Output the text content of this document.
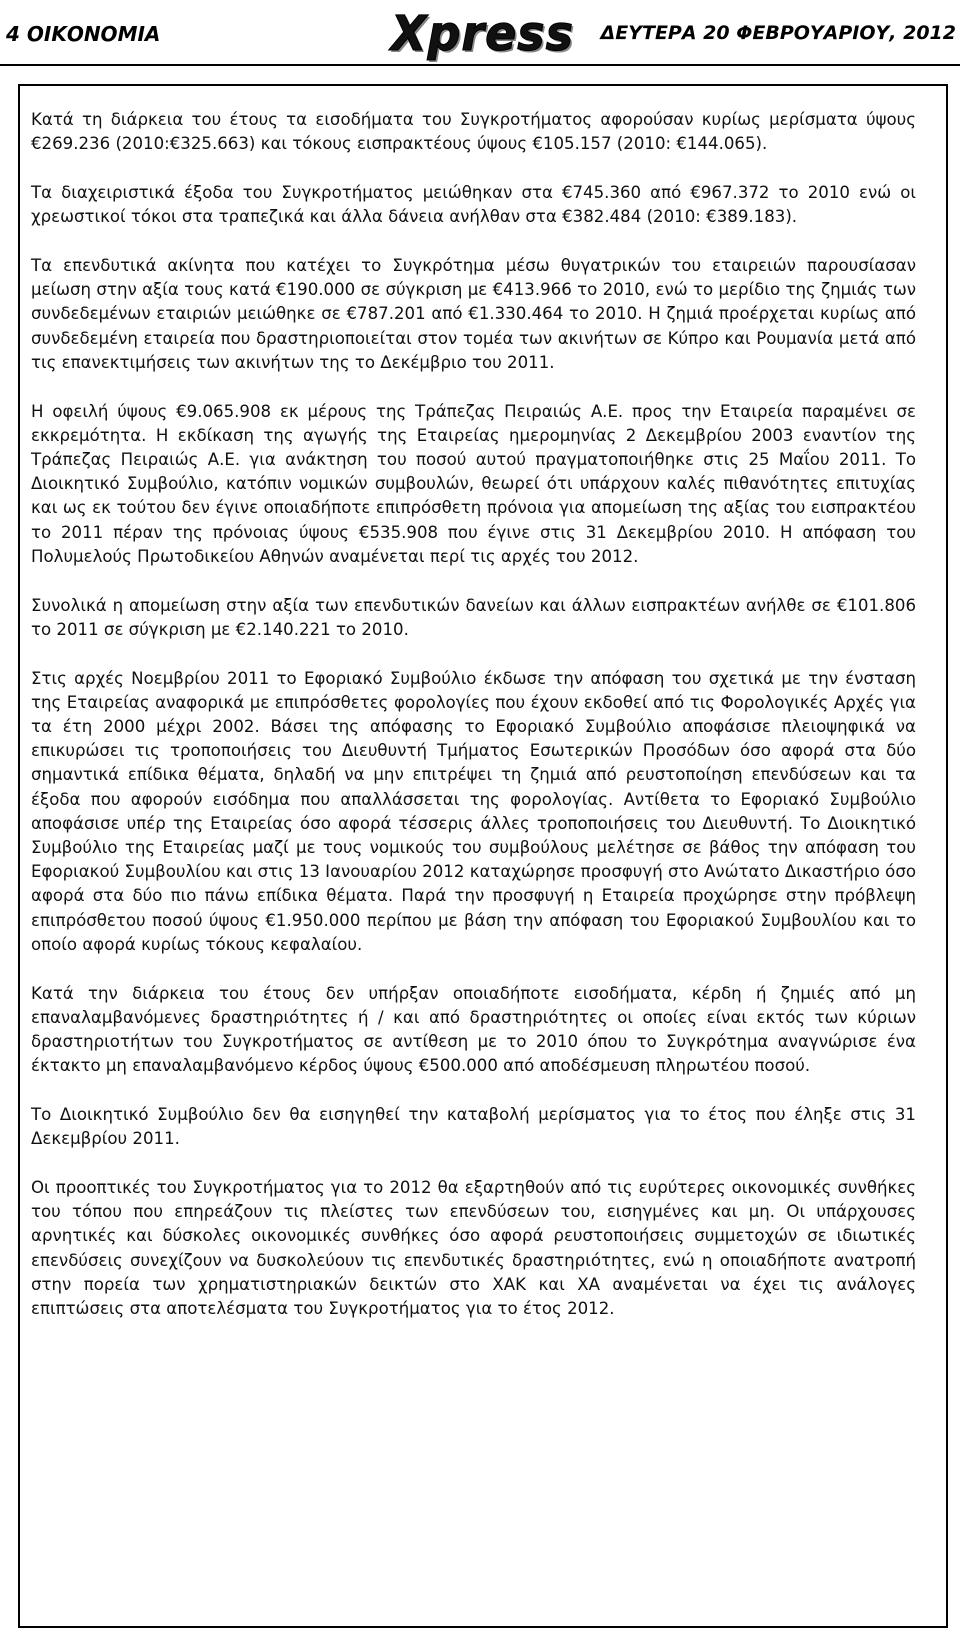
4 ΟΙΚΟΝΟΜΙΑ	Xpress ΔΕΥΤΕΡΑ 20 ΦΕΒΡΟΥΑΡΙΟΥ, 2012

Κατά τη διάρκεια του έτους τα εισοδήματα του Συγκροτήματος αφορούσαν κυρίως μερίσματα ύψους €269.236 (2010:€325.663) και τόκους εισπρακτέους ύψους €105.157 (2010: €144.065).

Τα διαχειριστικά έξοδα του Συγκροτήματος μειώθηκαν στα €745.360 από €967.372 το 2010 ενώ οι χρεωστικοί τόκοι στα τραπεζικά και άλλα δάνεια ανήλθαν στα €382.484 (2010: €389.183).

Τα επενδυτικά ακίνητα που κατέχει το Συγκρότημα μέσω θυγατρικών του εταιρειών παρουσίασαν μείωση στην αξία τους κατά €190.000 σε σύγκριση με €413.966 το 2010, ενώ το μερίδιο της ζημιάς των συνδεδεμένων εταιριών μειώθηκε σε €787.201 από €1.330.464 το 2010. Η ζημιά προέρχεται κυρίως από συνδεδεμένη εταιρεία που δραστηριοποιείται στον τομέα των ακινήτων σε Κύπρο και Ρουμανία μετά από τις επανεκτιμήσεις των ακινήτων της το Δεκέμβριο του 2011.

Η οφειλή ύψους €9.065.908 εκ μέρους της Τράπεζας Πειραιώς Α.Ε. προς την Εταιρεία παραμένει σε εκκρεμότητα. Η εκδίκαση της αγωγής της Εταιρείας ημερομηνίας 2 Δεκεμβρίου 2003 εναντίον της Τράπεζας Πειραιώς Α.Ε. για ανάκτηση του ποσού αυτού πραγματοποιήθηκε στις 25 Μαΐου 2011. Το Διοικητικό Συμβούλιο, κατόπιν νομικών συμβουλών, θεωρεί ότι υπάρχουν καλές πιθανότητες επιτυχίας και ως εκ τούτου δεν έγινε οποιαδήποτε επιπρόσθετη πρόνοια για απομείωση της αξίας του εισπρακτέου το 2011 πέραν της πρόνοιας ύψους €535.908 που έγινε στις 31 Δεκεμβρίου 2010. Η απόφαση του Πολυμελούς Πρωτοδικείου Αθηνών αναμένεται περί τις αρχές του 2012.

Συνολικά η απομείωση στην αξία των επενδυτικών δανείων και άλλων εισπρακτέων ανήλθε σε €101.806 το 2011 σε σύγκριση με €2.140.221 το 2010.

Στις αρχές Νοεμβρίου 2011 το Εφοριακό Συμβούλιο έκδωσε την απόφαση του σχετικά με την ένσταση της Εταιρείας αναφορικά με επιπρόσθετες φορολογίες που έχουν εκδοθεί από τις Φορολογικές Αρχές για τα έτη 2000 μέχρι 2002. Βάσει της απόφασης το Εφοριακό Συμβούλιο αποφάσισε πλειοψηφικά να επικυρώσει τις τροποποιήσεις του Διευθυντή Τμήματος Εσωτερικών Προσόδων όσο αφορά στα δύο σημαντικά επίδικα θέματα, δηλαδή να μην επιτρέψει τη ζημιά από ρευστοποίηση επενδύσεων και τα έξοδα που αφορούν εισόδημα που απαλλάσσεται της φορολογίας. Αντίθετα το Εφοριακό Συμβούλιο αποφάσισε υπέρ της Εταιρείας όσο αφορά τέσσερις άλλες τροποποιήσεις του Διευθυντή. Το Διοικητικό Συμβούλιο της Εταιρείας μαζί με τους νομικούς του συμβούλους μελέτησε σε βάθος την απόφαση του Εφοριακού Συμβουλίου και στις 13 Ιανουαρίου 2012 καταχώρησε προσφυγή στο Ανώτατο Δικαστήριο όσο αφορά στα δύο πιο πάνω επίδικα θέματα. Παρά την προσφυγή η Εταιρεία προχώρησε στην πρόβλεψη επιπρόσθετου ποσού ύψους €1.950.000 περίπου με βάση την απόφαση του Εφοριακού Συμβουλίου και το οποίο αφορά κυρίως τόκους κεφαλαίου.

Κατά την διάρκεια του έτους δεν υπήρξαν οποιαδήποτε εισοδήματα, κέρδη ή ζημιές από μη επαναλαμβανόμενες δραστηριότητες ή / και από δραστηριότητες οι οποίες είναι εκτός των κύριων δραστηριοτήτων του Συγκροτήματος σε αντίθεση με το 2010 όπου το Συγκρότημα αναγνώρισε ένα έκτακτο μη επαναλαμβανόμενο κέρδος ύψους €500.000 από αποδέσμευση πληρωτέου ποσού.

Το Διοικητικό Συμβούλιο δεν θα εισηγηθεί την καταβολή μερίσματος για το έτος που έληξε στις 31 Δεκεμβρίου 2011.

Οι προοπτικές του Συγκροτήματος για το 2012 θα εξαρτηθούν από τις ευρύτερες οικονομικές συνθήκες του τόπου που επηρεάζουν τις πλείστες των επενδύσεων του, εισηγμένες και μη. Οι υπάρχουσες αρνητικές και δύσκολες οικονομικές συνθήκες όσο αφορά ρευστοποιήσεις συμμετοχών σε ιδιωτικές επενδύσεις συνεχίζουν να δυσκολεύουν τις επενδυτικές δραστηριότητες, ενώ η οποιαδήποτε ανατροπή στην πορεία των χρηματιστηριακών δεικτών στο ΧΑΚ και ΧΑ αναμένεται να έχει τις ανάλογες επιπτώσεις στα αποτελέσματα του Συγκροτήματος για το έτος 2012.
